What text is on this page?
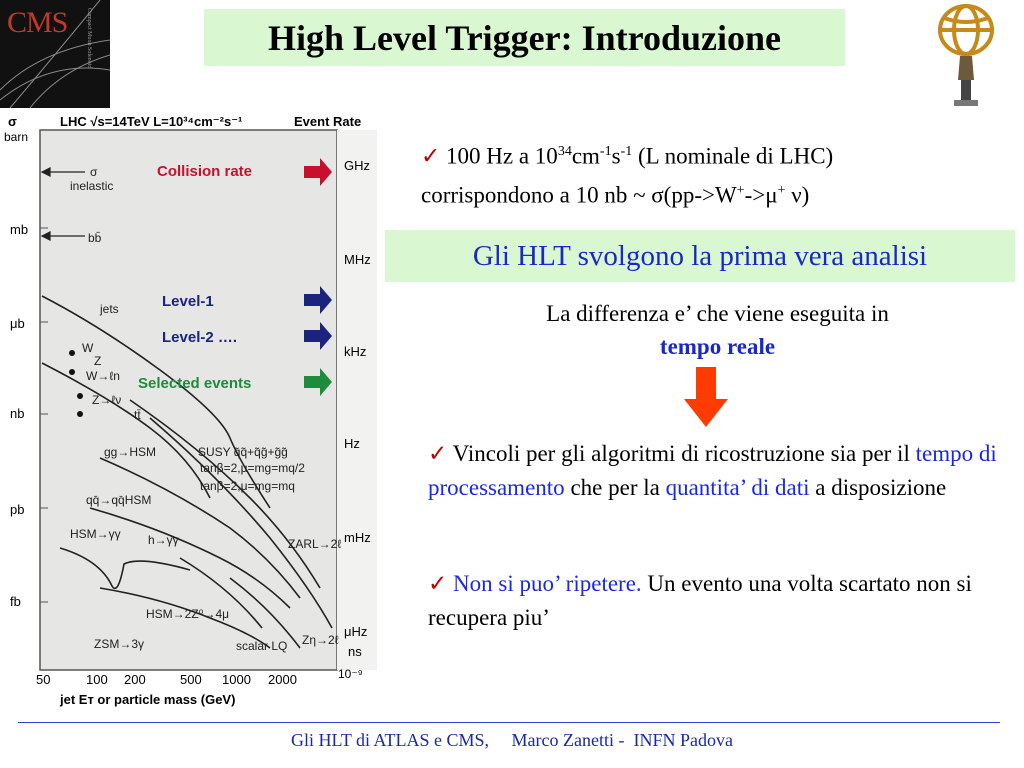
CMS	Compact Muon Solenoid	High Level Trigger: Introduzione
σ
barn
LHC √s=14TeV L=10³⁴cm⁻²s⁻¹	Event Rate
mb
μb
nb
pb
fb
GHz
MHz
kHz
Hz
mHz
μHz
ns
50	100 200	500 1000 2000	10⁻⁹
jet Eᴛ or particle mass (GeV)
σ
inelastic
bb̄
jets
W
Z
W→ℓn
Z→ℓν
tt̄
SUSY q̃q̃+q̃g̃+g̃g̃
tanβ=2,μ=mg=mq/2
tanβ=2,μ=mg=mq
gg→HSM
qq̄→qq̄HSM
HSM→γγ h→γγ	ZARL→2ℓ
HSM→2Z⁰→4μ
ZSM→3γ	scalar LQ Zη→2ℓ
Collision rate
Level-1
Level-2 ….
Selected events
✓ 100 Hz a $10^{34}cm^{-1}s^{-1}$ (L nominale di LHC)
corrispondono a 10 nb ~ σ(pp->W+->μ+ ν)
Gli HLT svolgono la prima vera analisi
La differenza e’ che viene eseguita in
tempo reale
✓ Vincoli per gli algoritmi di ricostruzione sia per il tempo di processamento che per la quantita’ di dati a disposizione
✓ Non si puo’ ripetere. Un evento una volta scartato non si recupera piu’
Gli HLT di ATLAS e CMS,     Marco Zanetti -  INFN Padova
